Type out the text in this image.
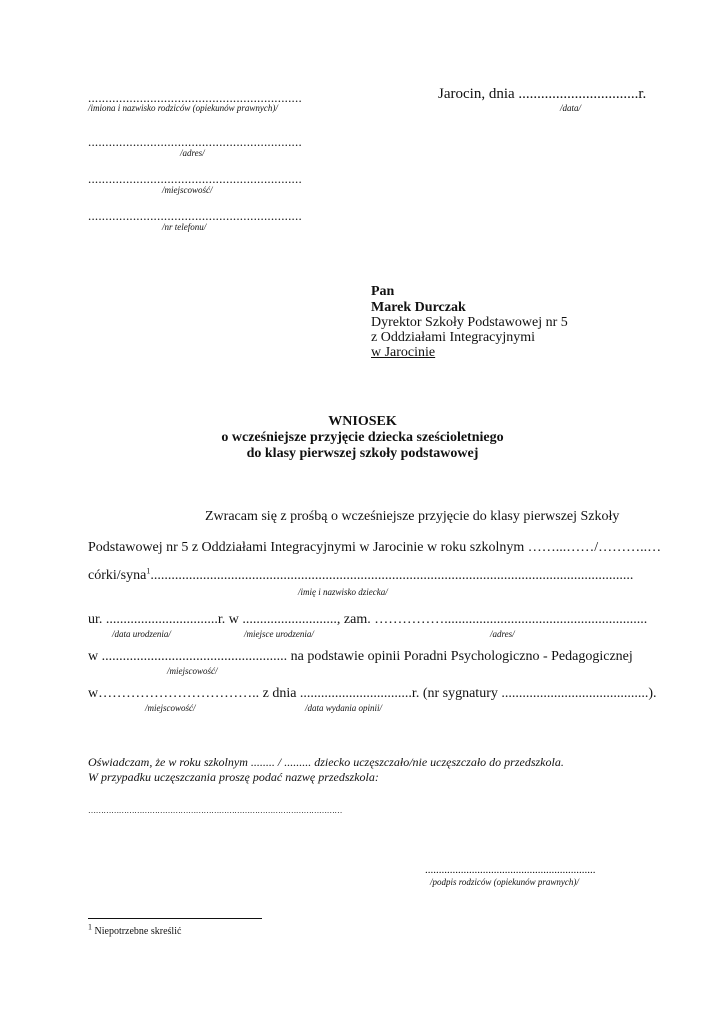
..............................................................
/imiona i nazwisko rodziców (opiekunów prawnych)/
Jarocin, dnia ................................r.
/data/
..............................................................
/adres/
..............................................................
/miejscowość/
..............................................................
/nr telefonu/
Pan
Marek Durczak
Dyrektor Szkoły Podstawowej nr 5
z Oddziałami Integracyjnymi
w Jarocinie
WNIOSEK
o wcześniejsze przyjęcie dziecka sześcioletniego
do klasy pierwszej szkoły podstawowej
Zwracam się z prośbą o wcześniejsze przyjęcie do klasy pierwszej Szkoły
Podstawowej nr 5 z Oddziałami Integracyjnymi w Jarocinie w roku szkolnym ……...……/………..…
córki/syna$^1$..........................................................................................................................................
/imię i nazwisko dziecka/
ur. ................................r. w ..........................., zam. ……………..........................................................
/data urodzenia/	/miejsce urodzenia/	/adres/
w ..................................................... na podstawie opinii Poradni Psychologiczno - Pedagogicznej
/miejscowość/
w…………………………….. z dnia ................................r. (nr sygnatury ..........................................).
/miejscowość/	/data wydania opinii/
Oświadczam, że w roku szkolnym ........ / ......... dziecko uczęszczało/nie uczęszczało do przedszkola.
W przypadku uczęszczania proszę podać nazwę przedszkola:
………………………………………………………………………………………
..............................................................
/podpis rodziców (opiekunów prawnych)/
$^1$ Niepotrzebne skreślić
